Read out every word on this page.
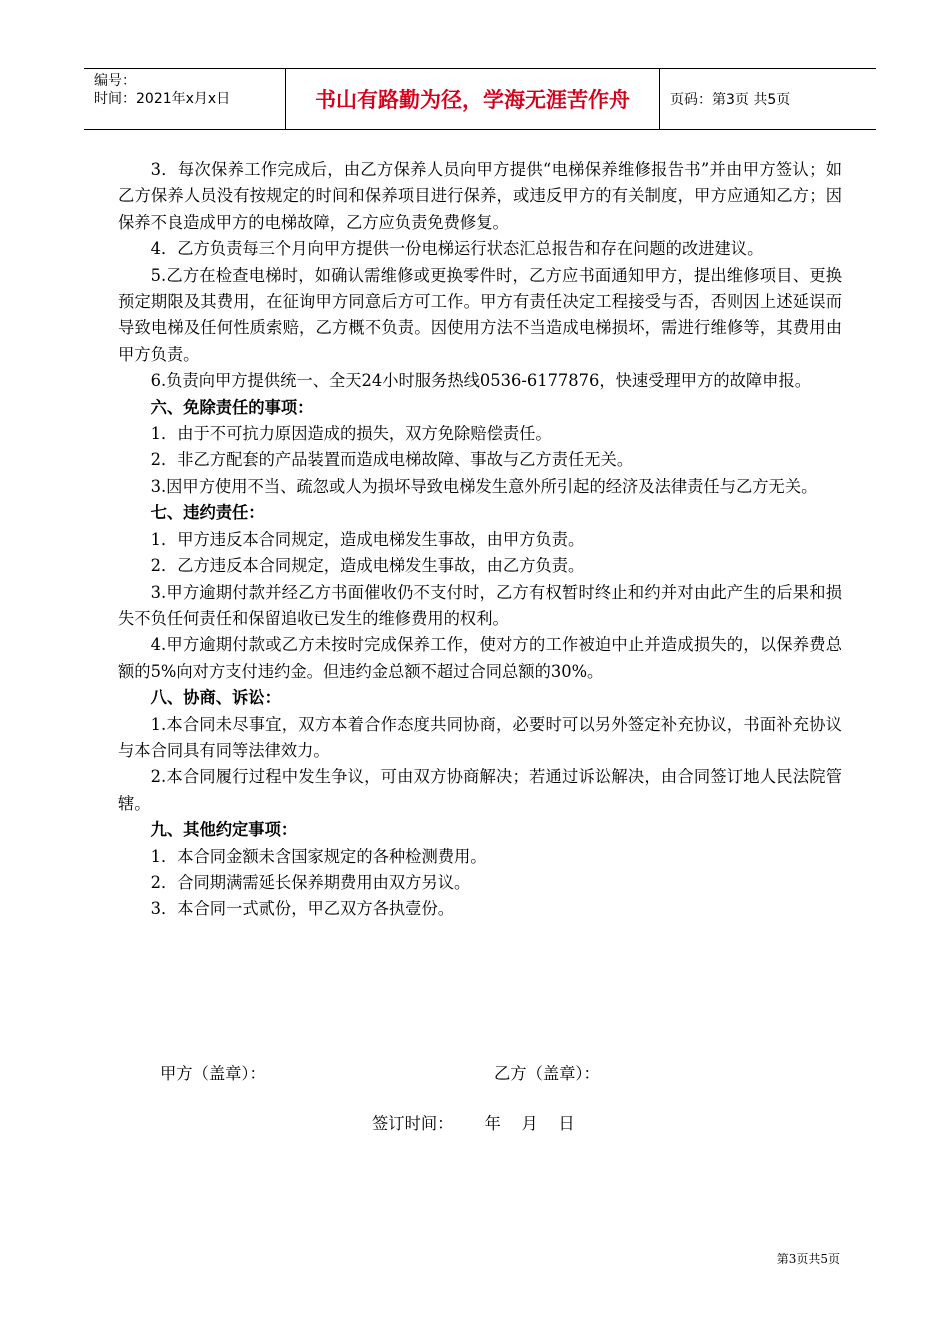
编号：
时间：2021年x月x日	书山有路勤为径，学海无涯苦作舟	页码：第3页 共5页

3．每次保养工作完成后，由乙方保养人员向甲方提供“电梯保养维修报告书”并由甲方签认；如乙方保养人员没有按规定的时间和保养项目进行保养，或违反甲方的有关制度，甲方应通知乙方；因保养不良造成甲方的电梯故障，乙方应负责免费修复。

4．乙方负责每三个月向甲方提供一份电梯运行状态汇总报告和存在问题的改进建议。

5.乙方在检查电梯时，如确认需维修或更换零件时，乙方应书面通知甲方，提出维修项目、更换预定期限及其费用，在征询甲方同意后方可工作。甲方有责任决定工程接受与否，否则因上述延误而导致电梯及任何性质索赔，乙方概不负责。因使用方法不当造成电梯损坏，需进行维修等，其费用由甲方负责。

6.负责向甲方提供统一、全天24小时服务热线0536-6177876，快速受理甲方的故障申报。

六、免除责任的事项：

1．由于不可抗力原因造成的损失，双方免除赔偿责任。

2．非乙方配套的产品装置而造成电梯故障、事故与乙方责任无关。

3.因甲方使用不当、疏忽或人为损坏导致电梯发生意外所引起的经济及法律责任与乙方无关。

七、违约责任：

1．甲方违反本合同规定，造成电梯发生事故，由甲方负责。

2．乙方违反本合同规定，造成电梯发生事故，由乙方负责。

3.甲方逾期付款并经乙方书面催收仍不支付时，乙方有权暂时终止和约并对由此产生的后果和损失不负任何责任和保留追收已发生的维修费用的权利。

4.甲方逾期付款或乙方未按时完成保养工作，使对方的工作被迫中止并造成损失的，以保养费总额的5%向对方支付违约金。但违约金总额不超过合同总额的30%。

八、协商、诉讼：

1.本合同未尽事宜，双方本着合作态度共同协商，必要时可以另外签定补充协议，书面补充协议与本合同具有同等法律效力。

2.本合同履行过程中发生争议，可由双方协商解决；若通过诉讼解决，由合同签订地人民法院管辖。

九、其他约定事项：

1．本合同金额未含国家规定的各种检测费用。

2．合同期满需延长保养期费用由双方另议。

3．本合同一式贰份，甲乙双方各执壹份。

甲方（盖章）：	乙方（盖章）：
签订时间：      年    月    日
第3页共5页
